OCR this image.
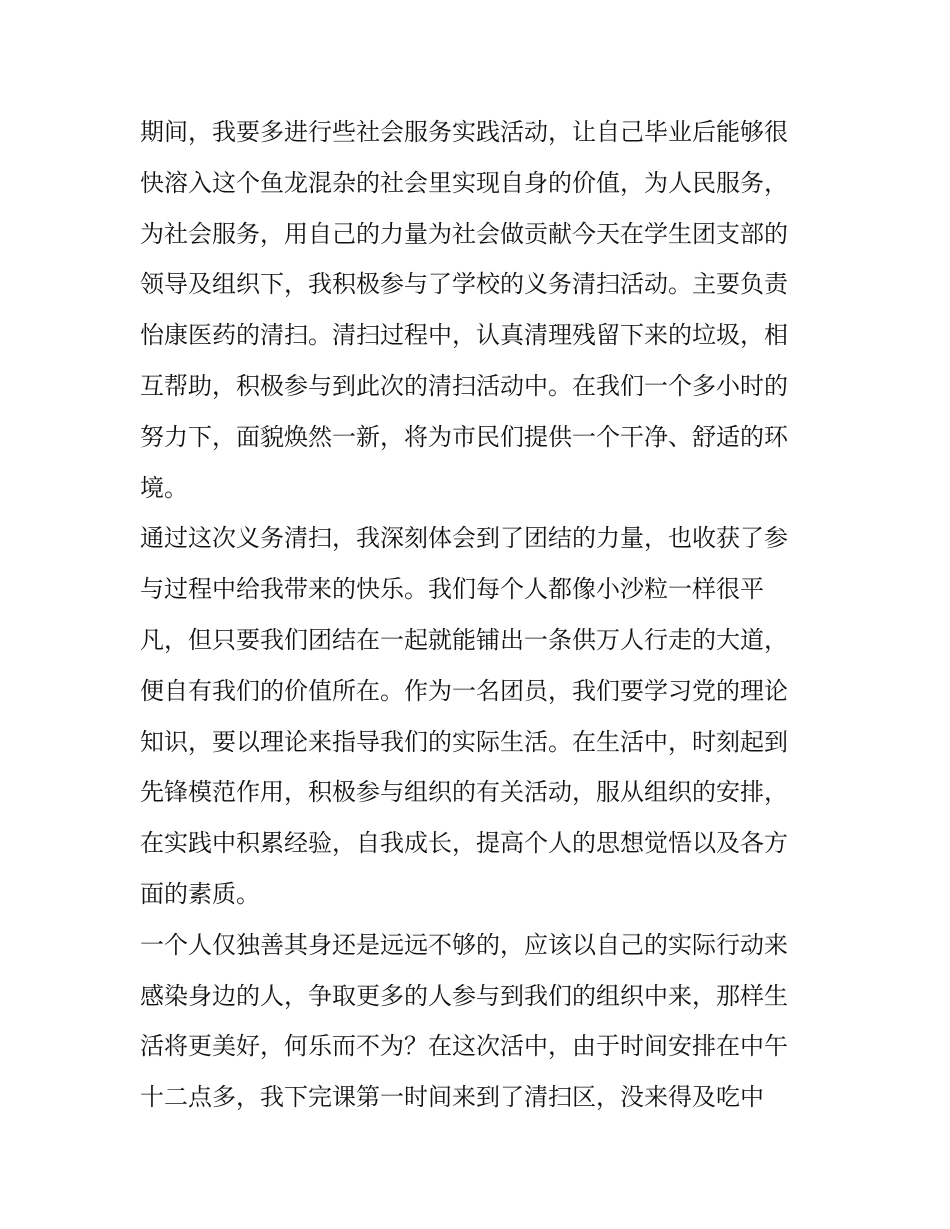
期间，我要多进行些社会服务实践活动，让自己毕业后能够很
快溶入这个鱼龙混杂的社会里实现自身的价值，为人民服务，
为社会服务，用自己的力量为社会做贡献今天在学生团支部的
领导及组织下，我积极参与了学校的义务清扫活动。主要负责
怡康医药的清扫。清扫过程中，认真清理残留下来的垃圾，相
互帮助，积极参与到此次的清扫活动中。在我们一个多小时的
努力下，面貌焕然一新，将为市民们提供一个干净、舒适的环
境。
通过这次义务清扫，我深刻体会到了团结的力量，也收获了参
与过程中给我带来的快乐。我们每个人都像小沙粒一样很平
凡，但只要我们团结在一起就能铺出一条供万人行走的大道，
便自有我们的价值所在。作为一名团员，我们要学习党的理论
知识，要以理论来指导我们的实际生活。在生活中，时刻起到
先锋模范作用，积极参与组织的有关活动，服从组织的安排，
在实践中积累经验，自我成长，提高个人的思想觉悟以及各方
面的素质。
一个人仅独善其身还是远远不够的，应该以自己的实际行动来
感染身边的人，争取更多的人参与到我们的组织中来，那样生
活将更美好，何乐而不为？在这次活中，由于时间安排在中午
十二点多，我下完课第一时间来到了清扫区，没来得及吃中
